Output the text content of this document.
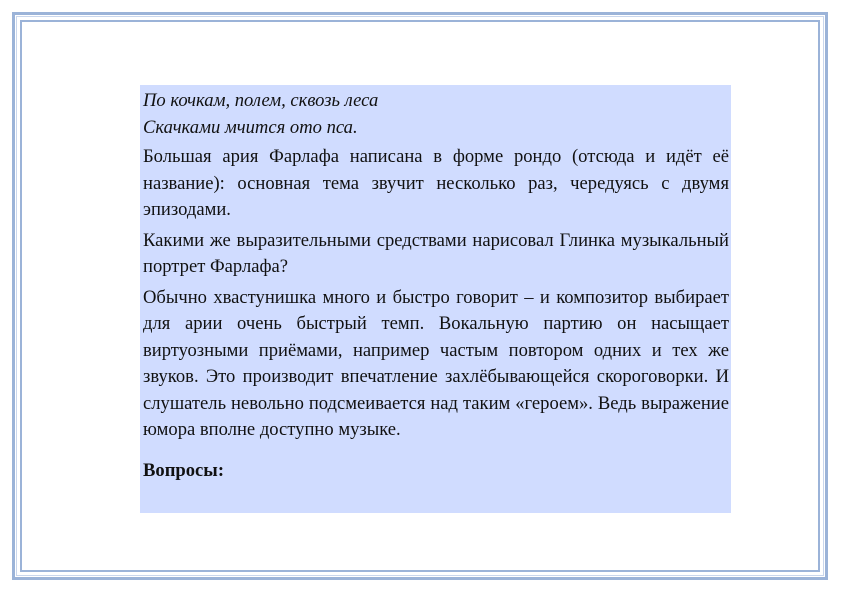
По кочкам, полем, сквозь леса

Скачками мчится ото пса.

Большая ария Фарлафа написана в форме рондо (отсюда и идёт её название): основная тема звучит несколько раз, чередуясь с двумя эпизодами.

Какими же выразительными средствами нарисовал Глинка музыкальный портрет Фарлафа?

Обычно хвастунишка много и быстро говорит – и композитор выбирает для арии очень быстрый темп. Вокальную партию он насыщает виртуозными приёмами, например частым повтором одних и тех же звуков. Это производит впечатление захлёбывающейся скороговорки. И слушатель невольно подсмеивается над таким «героем». Ведь выражение юмора вполне доступно музыке.

Вопросы:
